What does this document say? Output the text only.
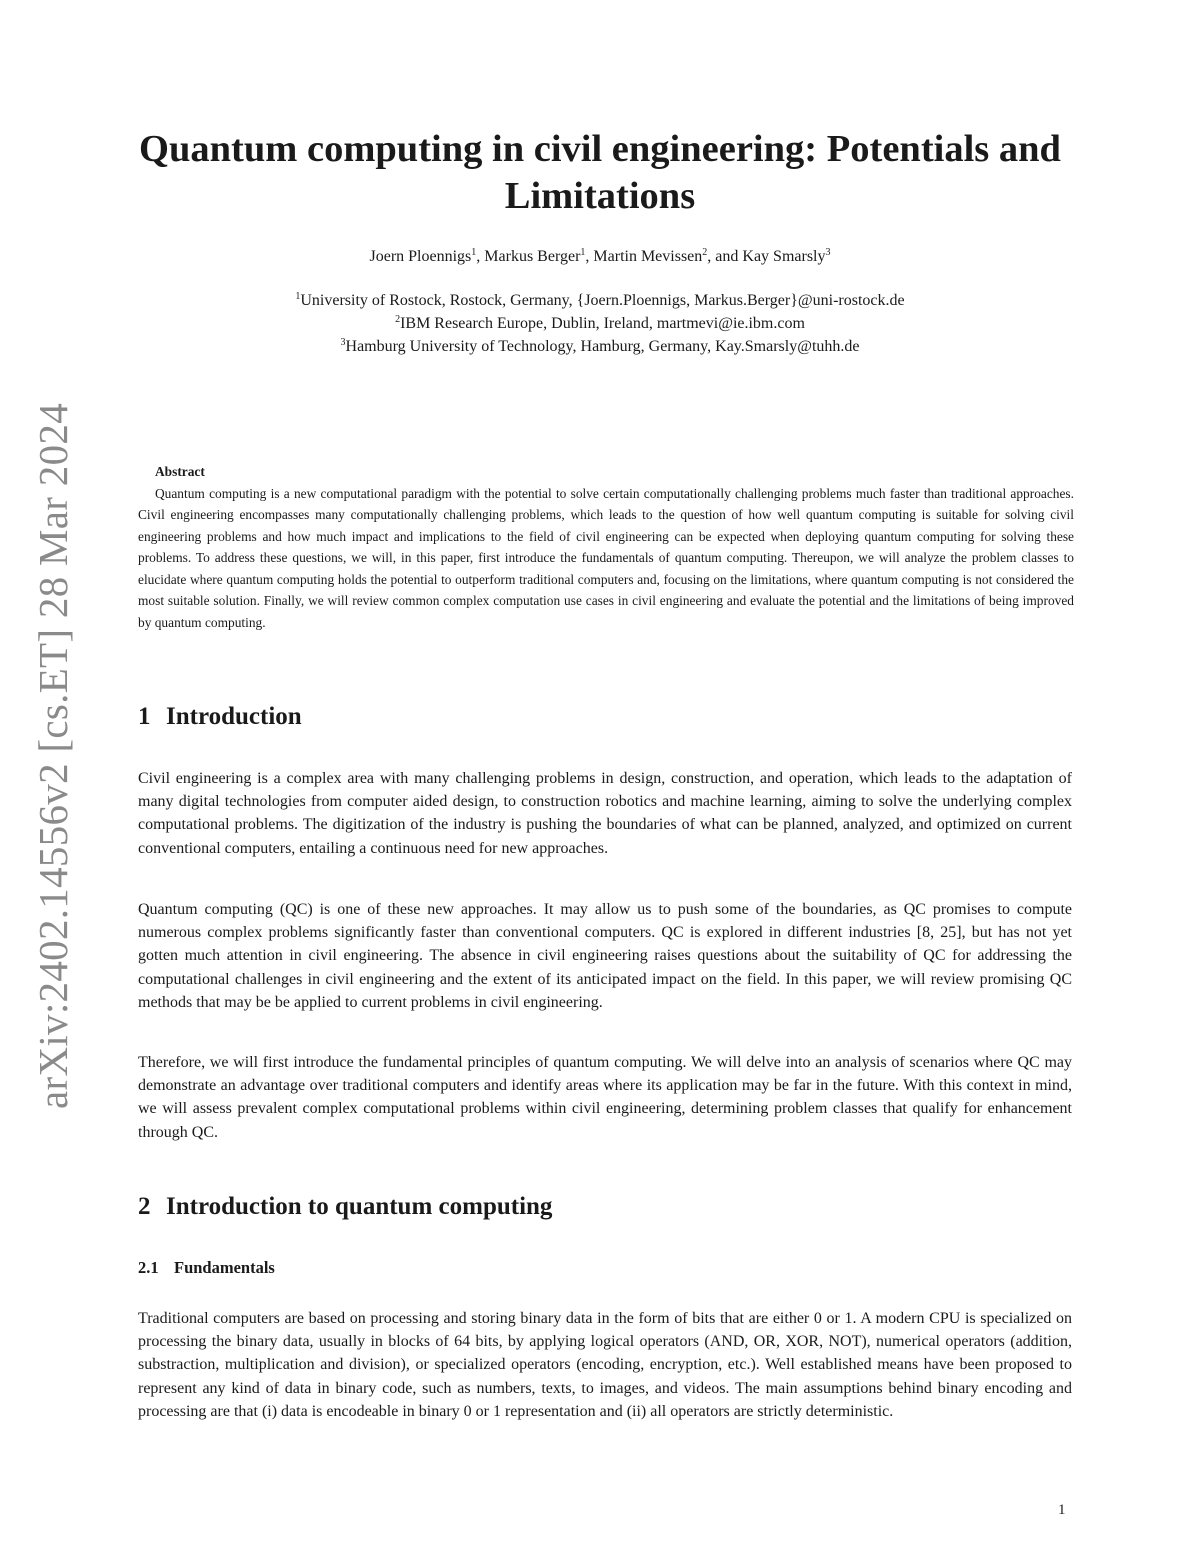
arXiv:2402.14556v2 [cs.ET] 28 Mar 2024
Quantum computing in civil engineering: Potentials and Limitations
Joern Ploennigs$^1$, Markus Berger$^1$, Martin Mevissen$^2$, and Kay Smarsly$^3$
$^1$University of Rostock, Rostock, Germany, {Joern.Ploennigs, Markus.Berger}@uni-rostock.de
$^2$IBM Research Europe, Dublin, Ireland, martmevi@ie.ibm.com
$^3$Hamburg University of Technology, Hamburg, Germany, Kay.Smarsly@tuhh.de
Abstract

Quantum computing is a new computational paradigm with the potential to solve certain computationally challenging problems much faster than traditional approaches. Civil engineering encompasses many computationally challenging problems, which leads to the question of how well quantum computing is suitable for solving civil engineering problems and how much impact and implications to the field of civil engineering can be expected when deploying quantum computing for solving these problems. To address these questions, we will, in this paper, first introduce the fundamentals of quantum computing. Thereupon, we will analyze the problem classes to elucidate where quantum computing holds the potential to outperform traditional computers and, focusing on the limitations, where quantum computing is not considered the most suitable solution. Finally, we will review common complex computation use cases in civil engineering and evaluate the potential and the limitations of being improved by quantum computing.

1 Introduction

Civil engineering is a complex area with many challenging problems in design, construction, and operation, which leads to the adaptation of many digital technologies from computer aided design, to construction robotics and machine learning, aiming to solve the underlying complex computational problems. The digitization of the industry is pushing the boundaries of what can be planned, analyzed, and optimized on current conventional computers, entailing a continuous need for new approaches.

Quantum computing (QC) is one of these new approaches. It may allow us to push some of the boundaries, as QC promises to compute numerous complex problems significantly faster than conventional computers. QC is explored in different industries [8, 25], but has not yet gotten much attention in civil engineering. The absence in civil engineering raises questions about the suitability of QC for addressing the computational challenges in civil engineering and the extent of its anticipated impact on the field. In this paper, we will review promising QC methods that may be be applied to current problems in civil engineering.

Therefore, we will first introduce the fundamental principles of quantum computing. We will delve into an analysis of scenarios where QC may demonstrate an advantage over traditional computers and identify areas where its application may be far in the future. With this context in mind, we will assess prevalent complex computational problems within civil engineering, determining problem classes that qualify for enhancement through QC.

2 Introduction to quantum computing
2.1 Fundamentals

Traditional computers are based on processing and storing binary data in the form of bits that are either 0 or 1. A modern CPU is specialized on processing the binary data, usually in blocks of 64 bits, by applying logical operators (AND, OR, XOR, NOT), numerical operators (addition, substraction, multiplication and division), or specialized operators (encoding, encryption, etc.). Well established means have been proposed to represent any kind of data in binary code, such as numbers, texts, to images, and videos. The main assumptions behind binary encoding and processing are that (i) data is encodeable in binary 0 or 1 representation and (ii) all operators are strictly deterministic.

1
